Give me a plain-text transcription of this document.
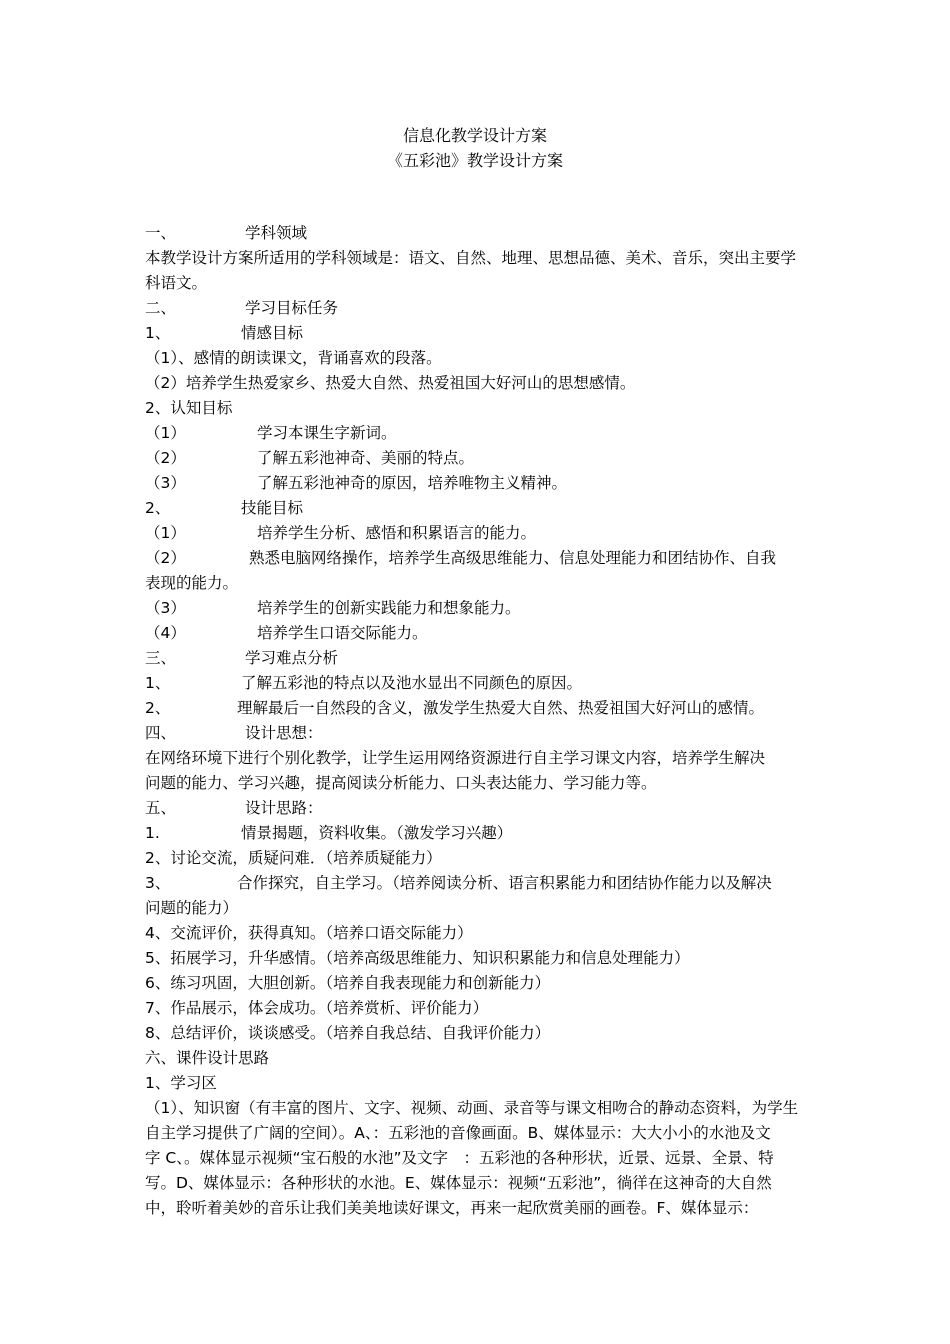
信息化教学设计方案
《五彩池》教学设计方案
一、	学科领域
本教学设计方案所适用的学科领域是：语文、自然、地理、思想品德、美术、音乐，突出主要学
科语文。
二、	学习目标任务
1、	情感目标
（1）、感情的朗读课文，背诵喜欢的段落。
（2）培养学生热爱家乡、热爱大自然、热爱祖国大好河山的思想感情。
2、认知目标
（1）	学习本课生字新词。
（2）	了解五彩池神奇、美丽的特点。
（3）	了解五彩池神奇的原因，培养唯物主义精神。
2、	技能目标
（1）	培养学生分析、感悟和积累语言的能力。
（2）	熟悉电脑网络操作，培养学生高级思维能力、信息处理能力和团结协作、自我
表现的能力。
（3）	培养学生的创新实践能力和想象能力。
（4）	培养学生口语交际能力。
三、	学习难点分析
1、	了解五彩池的特点以及池水显出不同颜色的原因。
2、	理解最后一自然段的含义，激发学生热爱大自然、热爱祖国大好河山的感情。
四、	设计思想：
在网络环境下进行个别化教学，让学生运用网络资源进行自主学习课文内容，培养学生解决
问题的能力、学习兴趣，提高阅读分析能力、口头表达能力、学习能力等。
五、	设计思路：
1.	情景揭题，资料收集。（激发学习兴趣）
2、讨论交流，质疑问难．（培养质疑能力）
3、	合作探究，自主学习。（培养阅读分析、语言积累能力和团结协作能力以及解决
问题的能力）
4、交流评价，获得真知。（培养口语交际能力）
5、拓展学习，升华感情。（培养高级思维能力、知识积累能力和信息处理能力）
6、练习巩固，大胆创新。（培养自我表现能力和创新能力）
7、作品展示，体会成功。（培养赏析、评价能力）
8、总结评价，谈谈感受。（培养自我总结、自我评价能力）
六、课件设计思路
1、学习区
（1）、知识窗（有丰富的图片、文字、视频、动画、录音等与课文相吻合的静动态资料，为学生
自主学习提供了广阔的空间）。A、：五彩池的音像画面。B、媒体显示：大大小小的水池及文
字 C、。媒体显示视频“宝石般的水池”及文字　：五彩池的各种形状，近景、远景、全景、特
写。D、媒体显示：各种形状的水池。E、媒体显示：视频“五彩池”，徜徉在这神奇的大自然
中，聆听着美妙的音乐让我们美美地读好课文，再来一起欣赏美丽的画卷。F、媒体显示：
